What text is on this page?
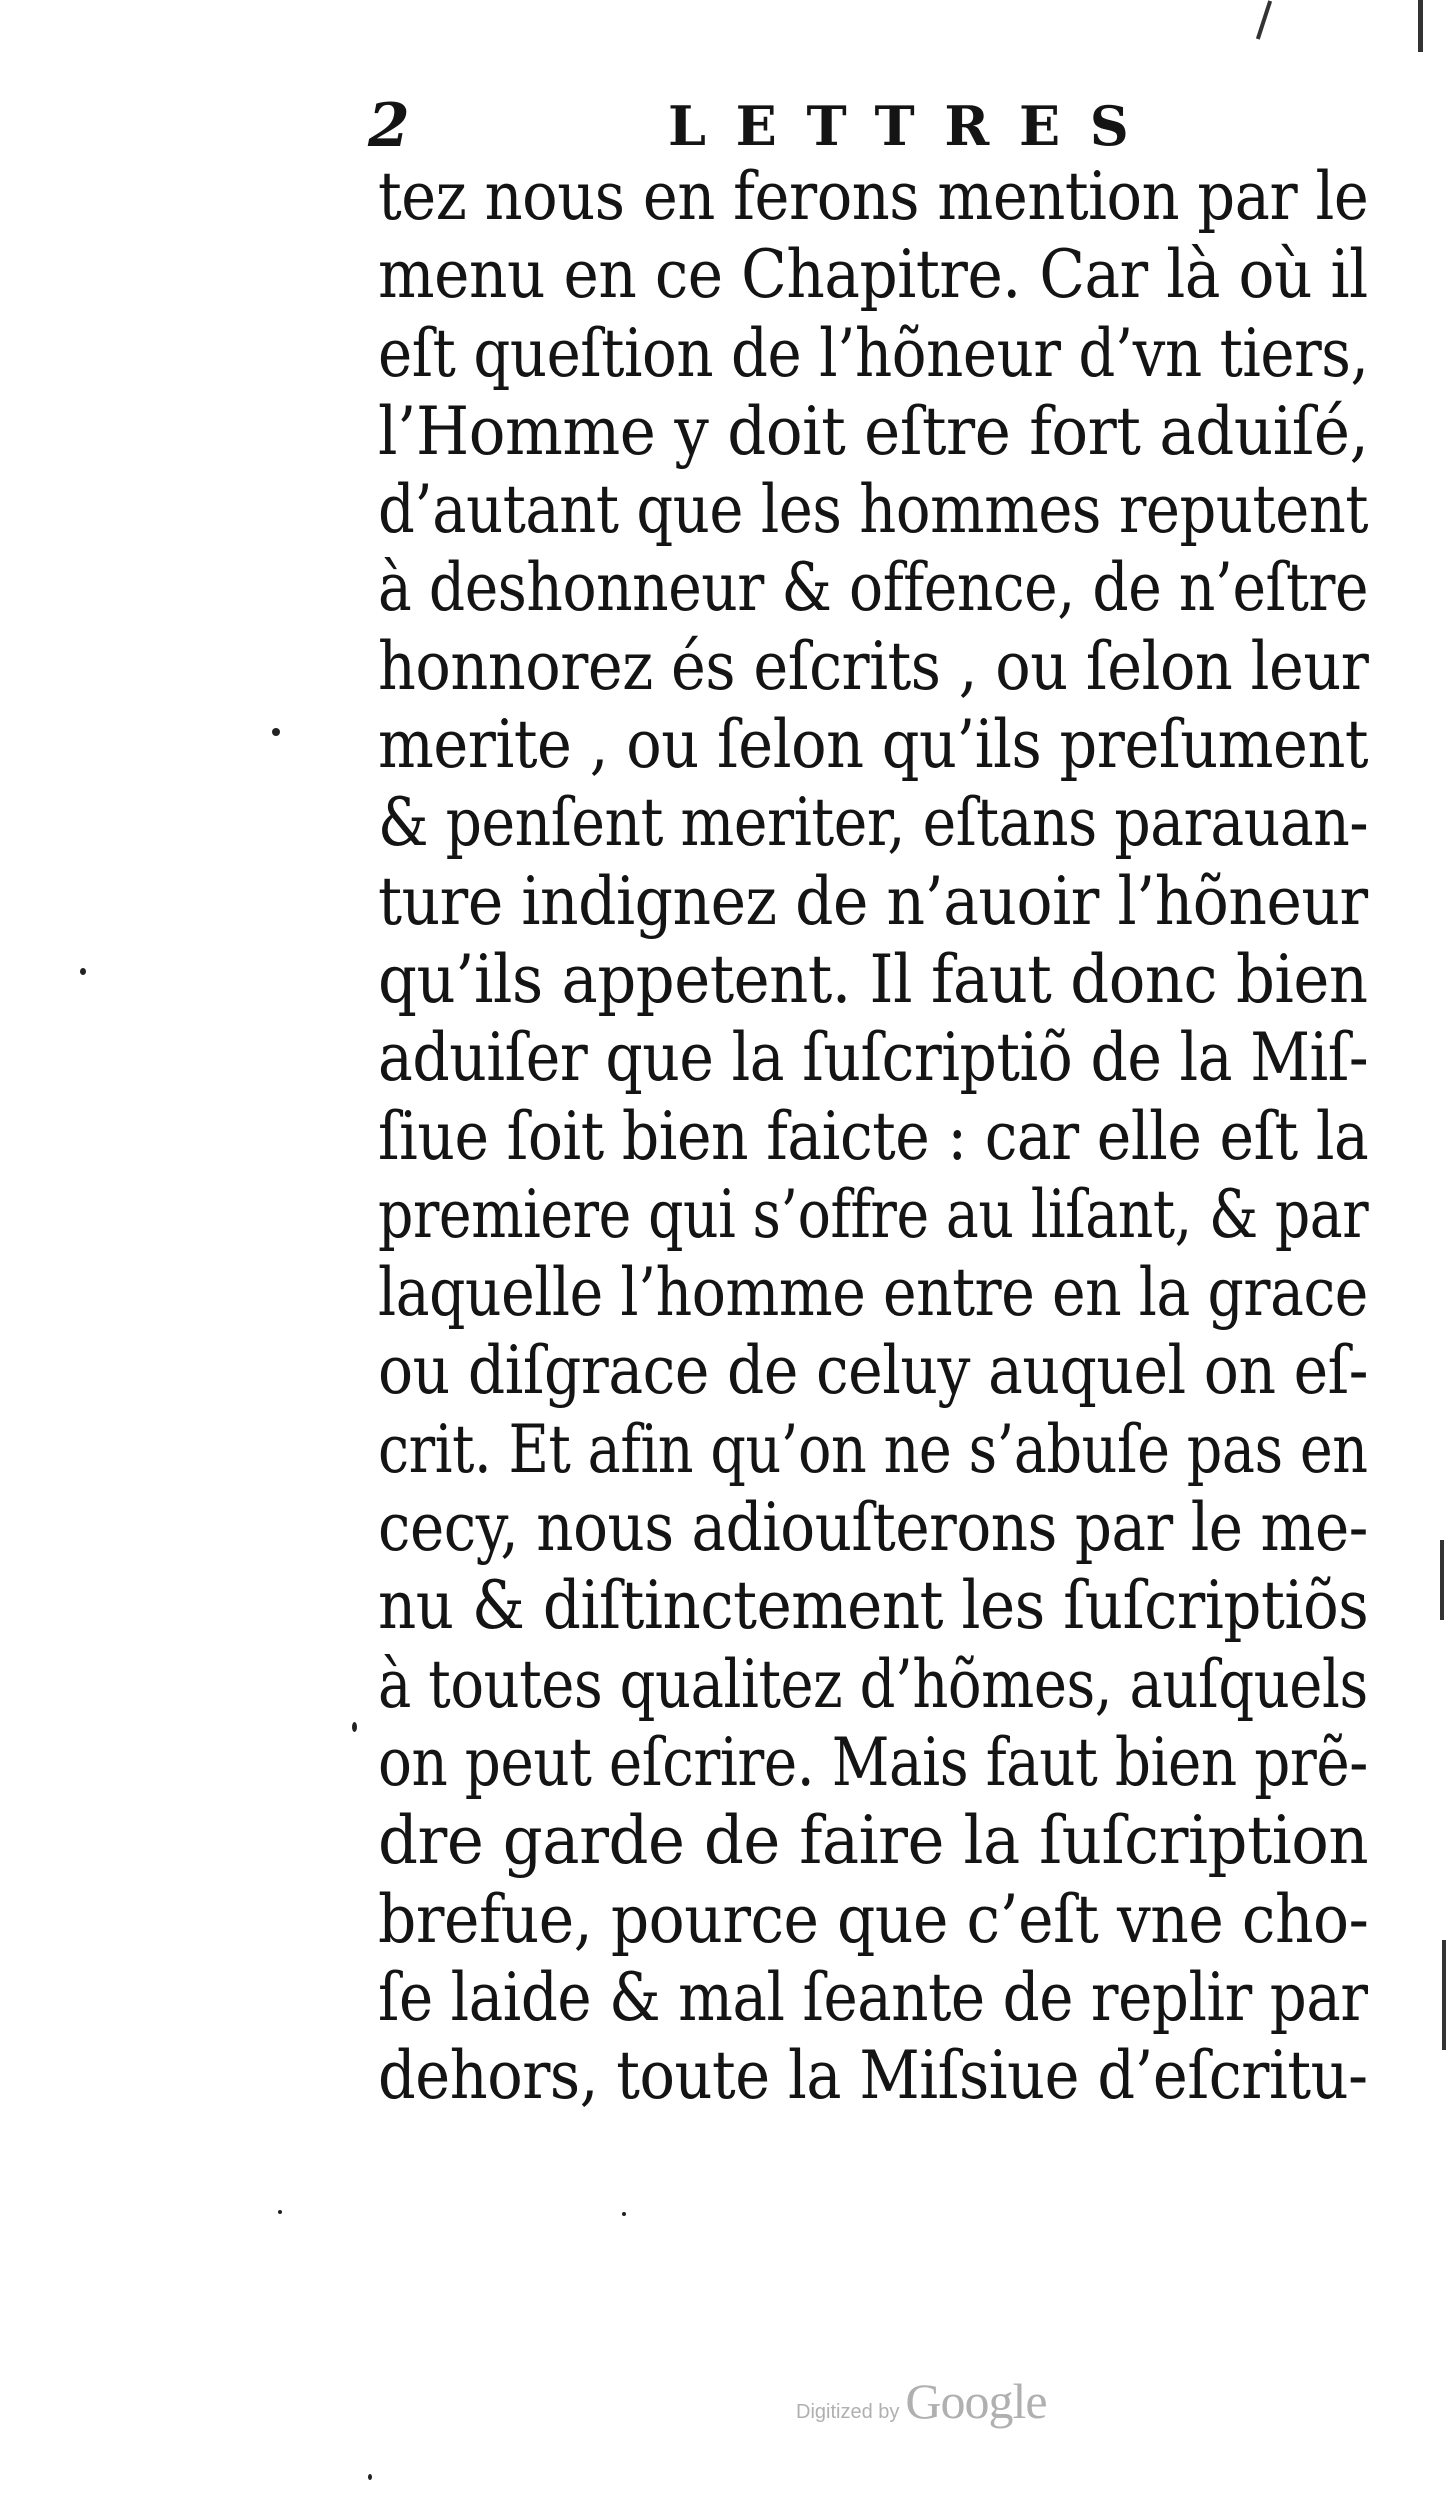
2	LETTRES
tez nous en ferons mention par le
menu en ce Chapitre. Car là où il
eſt queſtion de l’hõneur d’vn tiers,
l’Homme y doit eſtre fort aduiſé,
d’autant que les hommes reputent
à deshonneur & offence, de n’eſtre
honnorez és eſcrits , ou ſelon leur
merite , ou ſelon qu’ils preſument
& penſent meriter, eſtans parauan-
ture indignez de n’auoir l’hõneur
qu’ils appetent. Il faut donc bien
aduiſer que la ſuſcriptiõ de la Miſ-
ſiue ſoit bien faicte : car elle eſt la
premiere qui s’offre au liſant, & par
laquelle l’homme entre en la grace
ou diſgrace de celuy auquel on eſ-
crit. Et afin qu’on ne s’abuſe pas en
cecy, nous adiouſterons par le me-
nu & diſtinctement les ſuſcriptiõs
à toutes qualitez d’hõmes, auſquels
on peut eſcrire. Mais faut bien prẽ-
dre garde de faire la ſuſcription
brefue, pource que c’eſt vne cho-
ſe laide & mal ſeante de replir par
dehors, toute la Miſsiue d’eſcritu-
Digitized by Google
